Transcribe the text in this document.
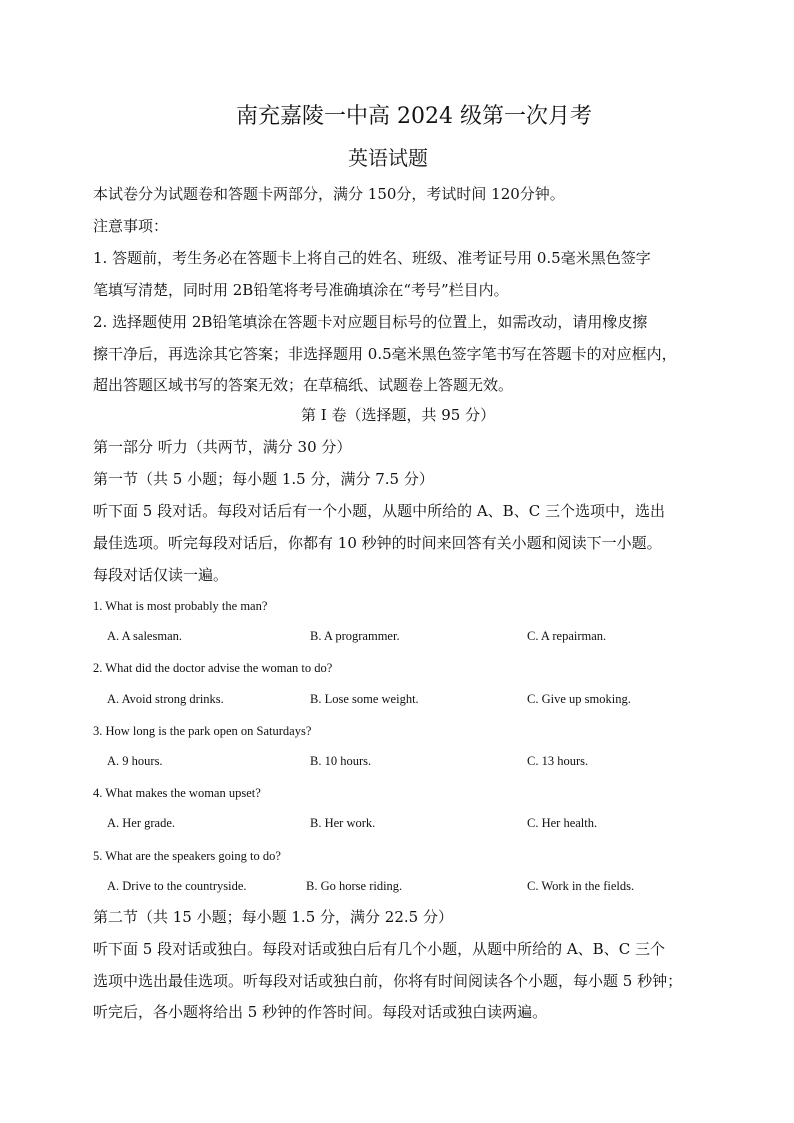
南充嘉陵一中高 2024 级第一次月考
英语试题
本试卷分为试题卷和答题卡两部分，满分 150分，考试时间 120分钟。
注意事项：
1. 答题前，考生务必在答题卡上将自己的姓名、班级、准考证号用 0.5毫米黑色签字
笔填写清楚，同时用 2B铅笔将考号准确填涂在“考号”栏目内。
2. 选择题使用 2B铅笔填涂在答题卡对应题目标号的位置上，如需改动，请用橡皮擦
擦干净后，再选涂其它答案；非选择题用 0.5毫米黑色签字笔书写在答题卡的对应框内，
超出答题区域书写的答案无效；在草稿纸、试题卷上答题无效。
第 I 卷（选择题，共 95 分）
第一部分 听力（共两节，满分 30 分）
第一节（共 5 小题；每小题 1.5 分，满分 7.5 分）
听下面 5 段对话。每段对话后有一个小题，从题中所给的 A、B、C 三个选项中，选出
最佳选项。听完每段对话后，你都有 10 秒钟的时间来回答有关小题和阅读下一小题。
每段对话仅读一遍。
1. What is most probably the man?
A. A salesman.	B. A programmer.	C. A repairman.
2. What did the doctor advise the woman to do?
A. Avoid strong drinks.	B. Lose some weight.	C. Give up smoking.
3. How long is the park open on Saturdays?
A. 9 hours.	B. 10 hours.	C. 13 hours.
4. What makes the woman upset?
A. Her grade.	B. Her work.	C. Her health.
5. What are the speakers going to do?
A. Drive to the countryside.	B. Go horse riding.	C. Work in the fields.
第二节（共 15 小题；每小题 1.5 分，满分 22.5 分）
听下面 5 段对话或独白。每段对话或独白后有几个小题，从题中所给的 A、B、C 三个
选项中选出最佳选项。听每段对话或独白前，你将有时间阅读各个小题，每小题 5 秒钟；
听完后，各小题将给出 5 秒钟的作答时间。每段对话或独白读两遍。
